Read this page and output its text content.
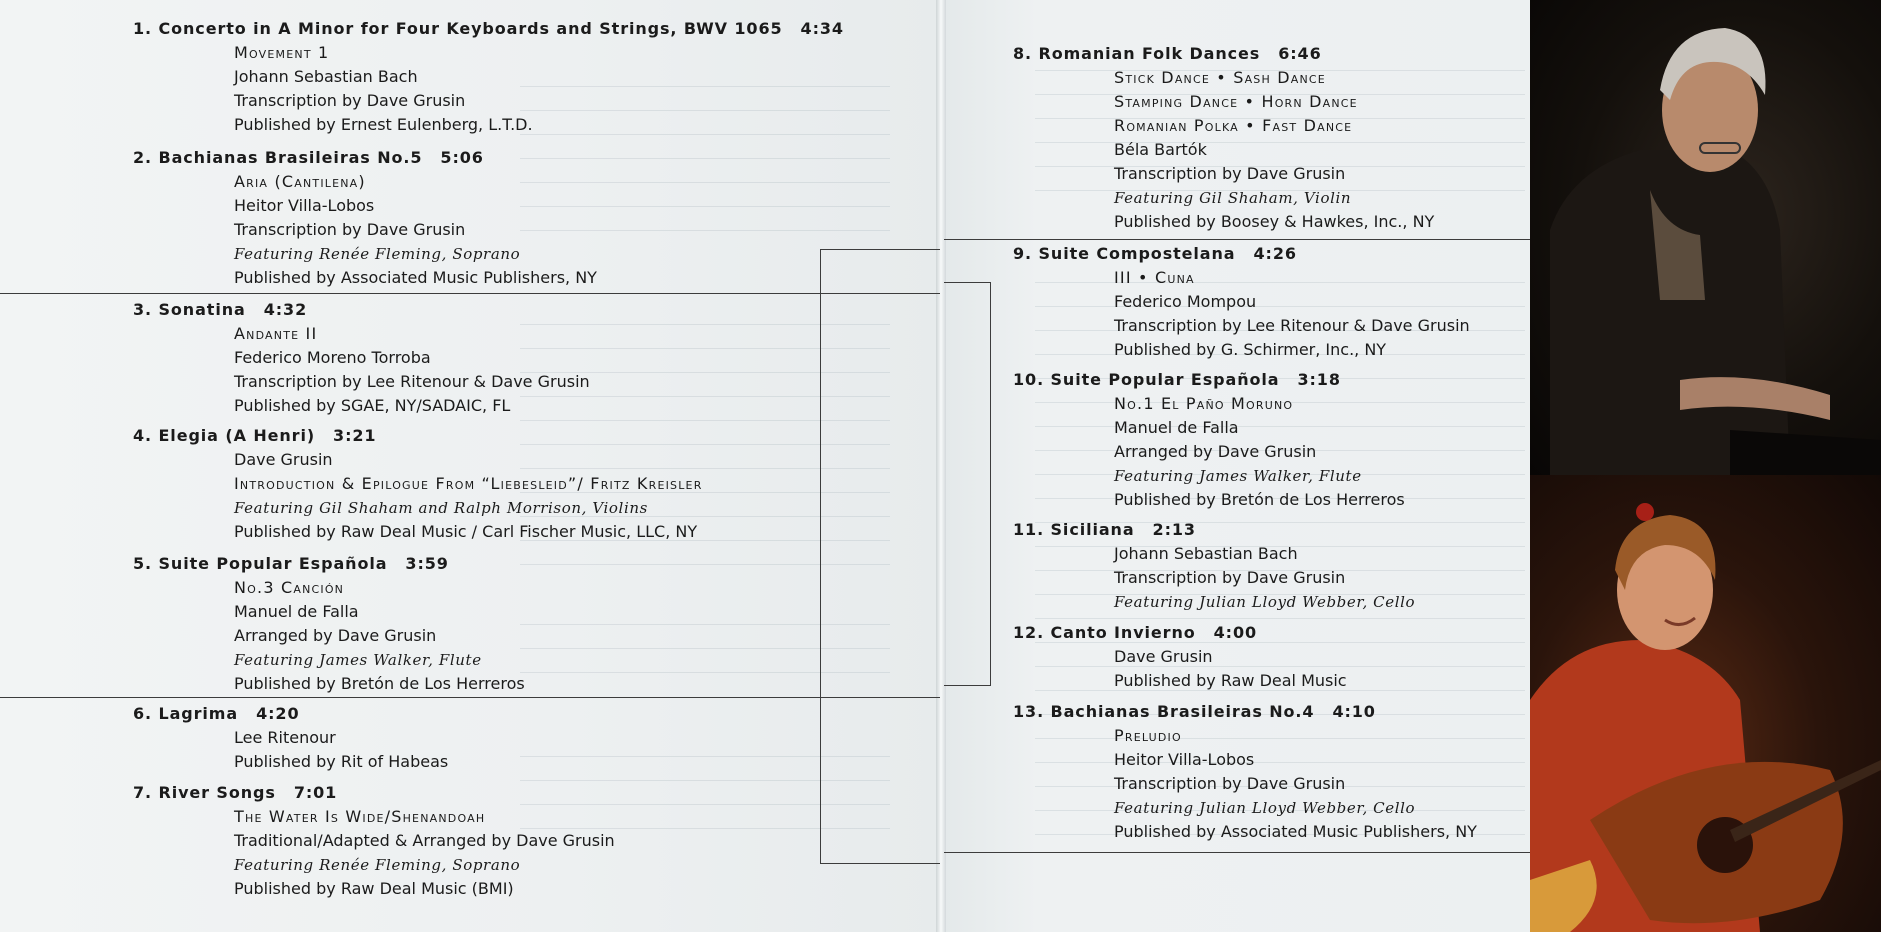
1. Concerto in A Minor for Four Keyboards and Strings, BWV 1065 4:34
Movement 1
Johann Sebastian Bach
Transcription by Dave Grusin
Published by Ernest Eulenberg, L.T.D.
2. Bachianas Brasileiras No.5 5:06
Aria (Cantilena)
Heitor Villa-Lobos
Transcription by Dave Grusin
Featuring Renée Fleming, Soprano
Published by Associated Music Publishers, NY
3. Sonatina 4:32
Andante II
Federico Moreno Torroba
Transcription by Lee Ritenour & Dave Grusin
Published by SGAE, NY/SADAIC, FL
4. Elegia (A Henri) 3:21
Dave Grusin
Introduction & Epilogue From “Liebesleid”/ Fritz Kreisler
Featuring Gil Shaham and Ralph Morrison, Violins
Published by Raw Deal Music / Carl Fischer Music, LLC, NY
5. Suite Popular Española 3:59
No.3 Canción
Manuel de Falla
Arranged by Dave Grusin
Featuring James Walker, Flute
Published by Bretón de Los Herreros
6. Lagrima 4:20
Lee Ritenour
Published by Rit of Habeas
7. River Songs 7:01
The Water Is Wide/Shenandoah
Traditional/Adapted & Arranged by Dave Grusin
Featuring Renée Fleming, Soprano
Published by Raw Deal Music (BMI)
8. Romanian Folk Dances 6:46
Stick Dance • Sash Dance
Stamping Dance • Horn Dance
Romanian Polka • Fast Dance
Béla Bartók
Transcription by Dave Grusin
Featuring Gil Shaham, Violin
Published by Boosey & Hawkes, Inc., NY
9. Suite Compostelana 4:26
III • Cuna
Federico Mompou
Transcription by Lee Ritenour & Dave Grusin
Published by G. Schirmer, Inc., NY
10. Suite Popular Española 3:18
No.1 El Paño Moruno
Manuel de Falla
Arranged by Dave Grusin
Featuring James Walker, Flute
Published by Bretón de Los Herreros
11. Siciliana 2:13
Johann Sebastian Bach
Transcription by Dave Grusin
Featuring Julian Lloyd Webber, Cello
12. Canto Invierno 4:00
Dave Grusin
Published by Raw Deal Music
13. Bachianas Brasileiras No.4 4:10
Preludio
Heitor Villa-Lobos
Transcription by Dave Grusin
Featuring Julian Lloyd Webber, Cello
Published by Associated Music Publishers, NY
